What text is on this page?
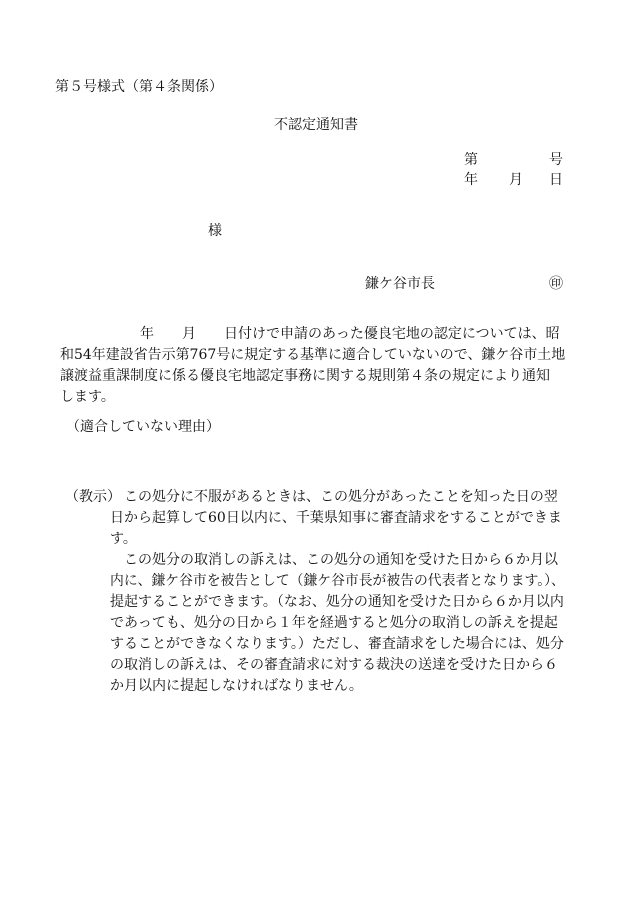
第５号様式（第４条関係）
不認定通知書
第	号
年 月 日
様
鎌ケ谷市長	㊞
年　　月　　日付けで申請のあった優良宅地の認定については、昭
和54年建設省告示第767号に規定する基準に適合していないので、鎌ケ谷市土地
譲渡益重課制度に係る優良宅地認定事務に関する規則第４条の規定により通知
します。
（適合していない理由）
（教示） この処分に不服があるときは、この処分があったことを知った日の翌
日から起算して60日以内に、千葉県知事に審査請求をすることができま
す。
　この処分の取消しの訴えは、この処分の通知を受けた日から６か月以
内に、鎌ケ谷市を被告として（鎌ケ谷市長が被告の代表者となります。）、
提起することができます。（なお、処分の通知を受けた日から６か月以内
であっても、処分の日から１年を経過すると処分の取消しの訴えを提起
することができなくなります。）ただし、審査請求をした場合には、処分
の取消しの訴えは、その審査請求に対する裁決の送達を受けた日から６
か月以内に提起しなければなりません。
